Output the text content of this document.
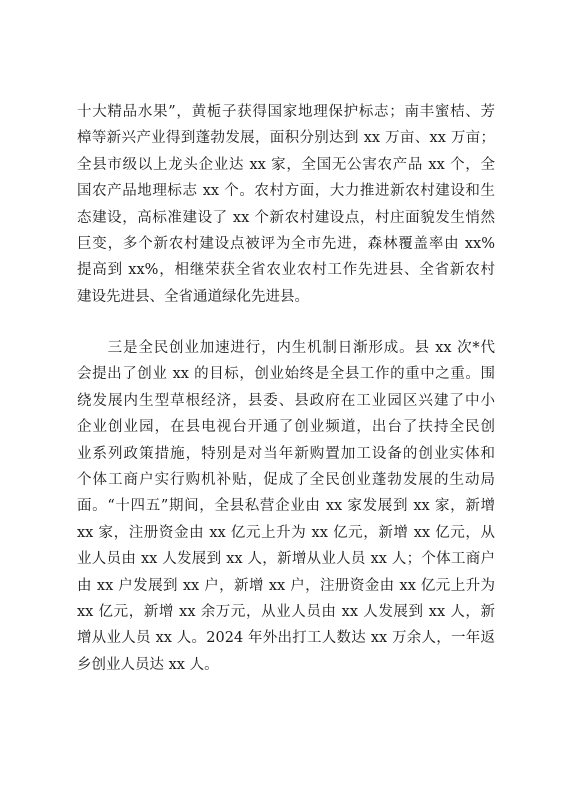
十大精品水果”，黄栀子获得国家地理保护标志；南丰蜜桔、芳
樟等新兴产业得到蓬勃发展，面积分别达到 xx 万亩、xx 万亩；
全县市级以上龙头企业达 xx 家，全国无公害农产品 xx 个，全
国农产品地理标志 xx 个。农村方面，大力推进新农村建设和生
态建设，高标准建设了 xx 个新农村建设点，村庄面貌发生悄然
巨变，多个新农村建设点被评为全市先进，森林覆盖率由 xx%
提高到 xx%，相继荣获全省农业农村工作先进县、全省新农村
建设先进县、全省通道绿化先进县。
　　三是全民创业加速进行，内生机制日渐形成。县 xx 次*代
会提出了创业 xx 的目标，创业始终是全县工作的重中之重。围
绕发展内生型草根经济，县委、县政府在工业园区兴建了中小
企业创业园，在县电视台开通了创业频道，出台了扶持全民创
业系列政策措施，特别是对当年新购置加工设备的创业实体和
个体工商户实行购机补贴，促成了全民创业蓬勃发展的生动局
面。“十四五”期间，全县私营企业由 xx 家发展到 xx 家，新增
xx 家，注册资金由 xx 亿元上升为 xx 亿元，新增 xx 亿元，从
业人员由 xx 人发展到 xx 人，新增从业人员 xx 人；个体工商户
由 xx 户发展到 xx 户，新增 xx 户，注册资金由 xx 亿元上升为
xx 亿元，新增 xx 余万元，从业人员由 xx 人发展到 xx 人，新
增从业人员 xx 人。2024 年外出打工人数达 xx 万余人，一年返
乡创业人员达 xx 人。
